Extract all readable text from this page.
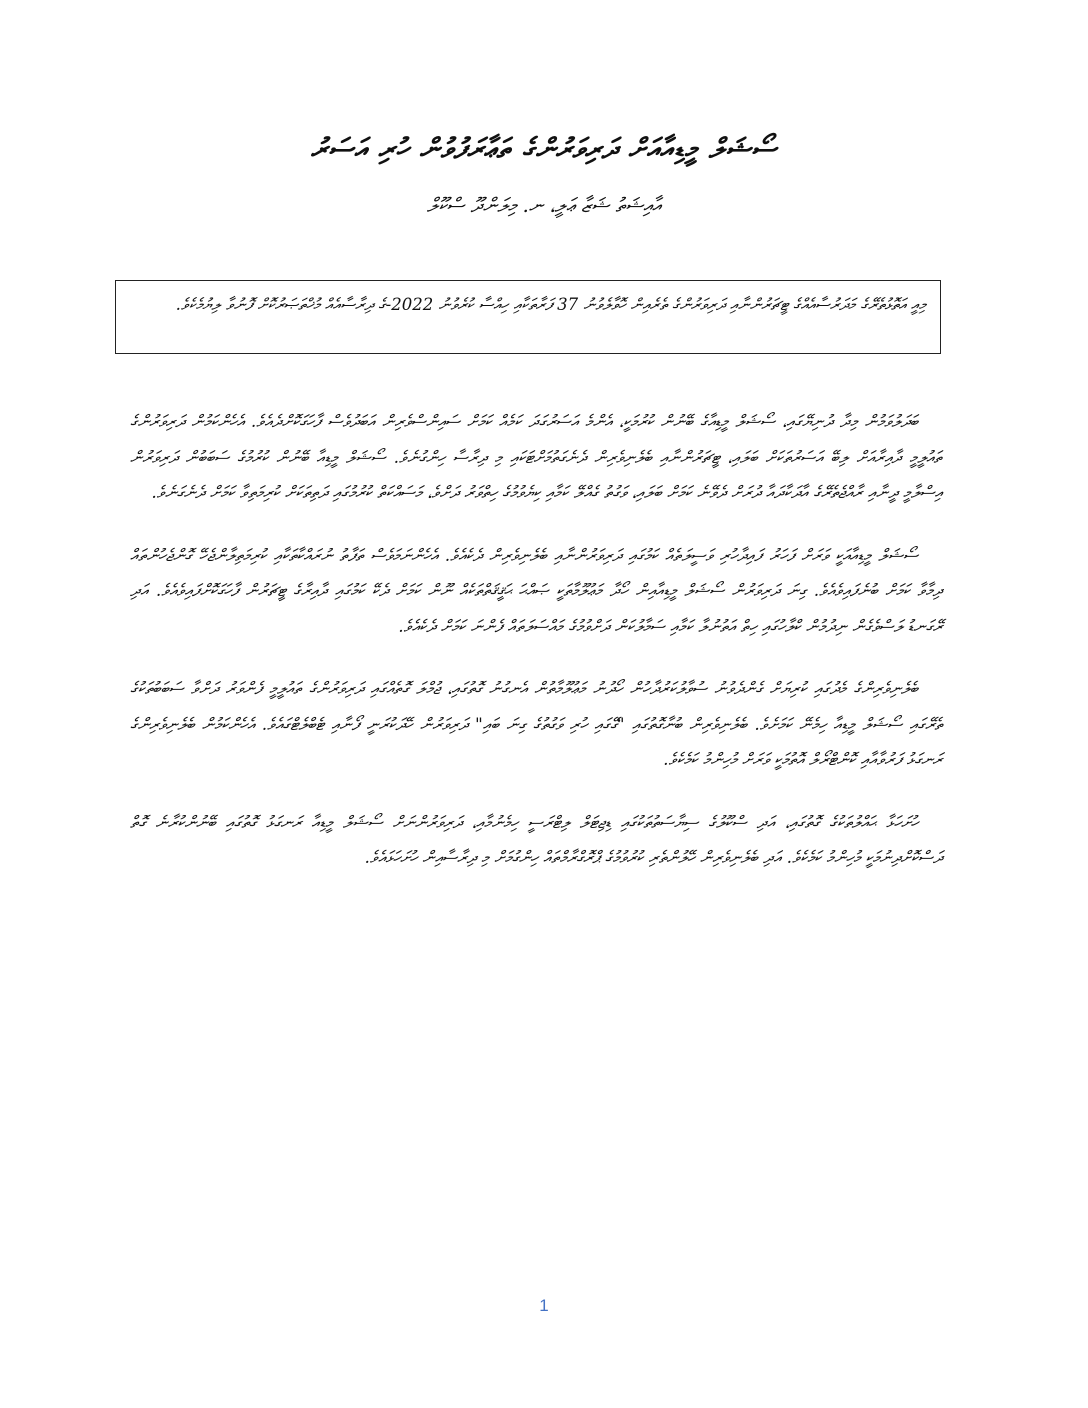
ސޯޝަލް މީޑިއާއަށް ދަރިވަރުންގެ ތަޢާރަފުވުން ހުރި އަސަރު
އާއިޝަތު ޝަޒާ ޢަލީ، ނ. މިލަންދޫ ސްކޫލް
މިއީ އަތޮޅުތެރޭގެ މަދަރުސާއެއްގެ ޓީޗަރުންނާއި ދަރިވަރުންގެ ތެރެއިން ހޮވާލެވުނު 37 ފަރާތަކާއި ހިއްސާ ކުރެވުނު 2022-ގެ ދިރާސާއެއް މުޚްތަޞަރުކޮށް ފޮނުވާ ލިޔުމެކެވެ.

ބަދަލުވަމުން މިދާ ދުނިޔޭގައި، ސޯޝަލް މީޑިއާގެ ބޭނުން ކުރުމަކީ، އެންމެ އަސަރުގަދަ ކަމެއް ކަމަށް ސައިންސްވެރިން އަބަދުވެސް ފާހަގަކޮށްދެއެވެ. އެހެންކަމުން ދަރިވަރުންގެ ތައުލީމީ ދާއިރާއަށް ލިބޭ އަސަރުތަކަށް ބަލައި، ޓީޗަރުންނާއި ބެލެނިވެރިން ދެނެގަތުމަށްޓަކައި މި ދިރާސާ ހިންގުނެވެ. ސޯޝަލް މީޑިއާ ބޭނުން ކުރުމުގެ ސަބަބުން ދަރިވަރުން އިސްލާމީ ދީނާއި ރާއްޖެތެރޭގެ އާދަކާދައާ ދުރަށް ދެވޭނެ ކަމަށް ބަލައި، ވަގުތު ގެއްލޭ ކަމާއި ކިޔެވުމުގެ ހިތްވަރު ދަށްވެ، މަސައްކަތް ކުރުމުގައި ދަތިތަކަށް ކުރިމަތިވާ ކަމަށް ދެނެގަނެވެ.

ސޯޝަލް މީޑިއާއަކީ ވަރަށް ފަހަރު ފައިދާހުރި ވަސީލަތެއް ކަމުގައި ދަރިވަރުންނާއި ބެލެނިވެރިން ދެކެއެވެ. އެހެންނަމަވެސް ތަފާތު ނުރައްކާތަކާއި ކުރިމަތިލާންޖެހޭ ގޮންޖެހުންތައް ދިމާވާ ކަމަށް ބުނެފައިވެއެވެ. ގިނަ ދަރިވަރުން ސޯޝަލް މީޑިއާއިން ހޯދާ މަޢުލޫމާތަކީ ޞައްޙަ ޙަޤީޤަތްތަކެއް ނޫން ކަމަށް ދެކޭ ކަމުގައި ދާއިރާގެ ޓީޗަރުން ފާހަގަކޮށްފައިވެއެވެ. އަދި ރޭގަނޑު ލަސްވެގެން ނިދުމުން ކްލާހުގައި ހިތް އަތުނުލާ ކަމާއި ސަމާލުކަން ދަށްވުމުގެ މައްސަލަތައް ފެންނަ ކަމަށް ދެކެއެވެ.

ބެލެނިވެރިންގެ މެދުގައި ކުރިޔަށް ގެންދެވުނު ސުވާލުކަރުދާހުން ހޯދުނު މަޢުލޫމާތުން އެނގުނު ގޮތުގައި، ޖުމްލަ ގޮތެއްގައި ދަރިވަރުންގެ ތައުލީމީ ފެންވަރު ދަށްވާ ސަބަބުތަކުގެ ތެރޭގައި ސޯޝަލް މީޑިއާ ހިމެނޭ ކަމަށެވެ. ބެލެނިވެރިން ބުނާގޮތުގައި "ގޭގައި ހުރި ވަގުތުގެ ގިނަ ބައި" ދަރިވަރުން ހޭދަކުރަނީ ފޯނާއި ޓެބްލެޓްގައެވެ. އެހެންކަމުން ބެލެނިވެރިންގެ ރަނގަޅު ފަރުވާއާއި ކޮންޓްރޯލް އޮތުމަކީ ވަރަށް މުހިންމު ކަމެކެވެ.

ހުށަހަޅާ ޙައްލުތަކުގެ ގޮތުގައި، އަދި ސްކޫލުގެ ސިޔާސަތުތަކުގައި ޑިޖިޓަލް ލިޓްރަސީ ހިމެނުމާއި، ދަރިވަރުންނަށް ސޯޝަލް މީޑިއާ ރަނގަޅު ގޮތުގައި ބޭނުންކުރާނެ ގޮތް ދަސްކޮށްދިނުމަކީ މުހިންމު ކަމެކެވެ. އަދި ބެލެނިވެރިން ހޭލުންތެރި ކުރުވުމުގެ ޕްރޮގްރާމްތައް ހިންގުމަށް މި ދިރާސާއިން ހުށަހަޅައެވެ.

1
